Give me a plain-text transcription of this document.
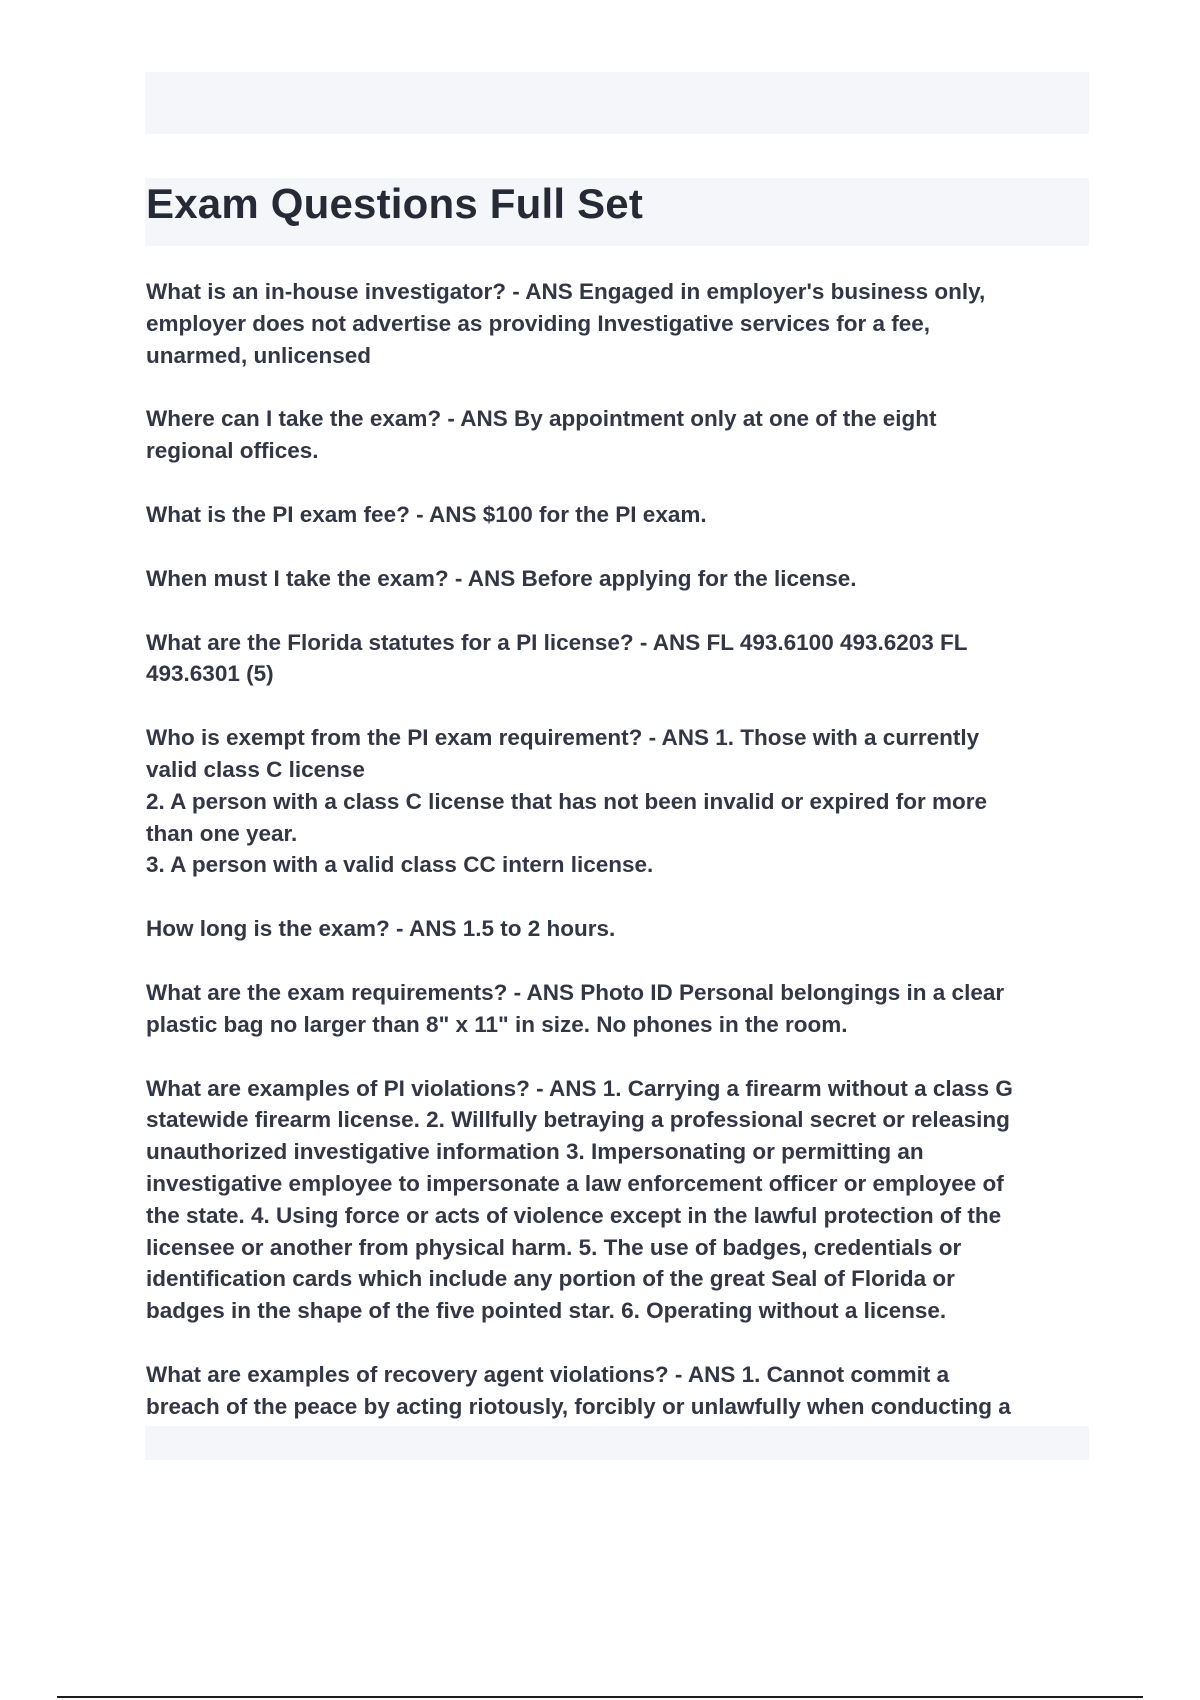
Exam Questions Full Set
What is an in-house investigator? - ANS Engaged in employer's business only,
employer does not advertise as providing Investigative services for a fee,
unarmed, unlicensed
Where can I take the exam? - ANS By appointment only at one of the eight
regional offices.
What is the PI exam fee? - ANS $100 for the PI exam.
When must I take the exam? - ANS Before applying for the license.
What are the Florida statutes for a PI license? - ANS FL 493.6100 493.6203 FL
493.6301 (5)
Who is exempt from the PI exam requirement? - ANS 1. Those with a currently
valid class C license
2. A person with a class C license that has not been invalid or expired for more
than one year.
3. A person with a valid class CC intern license.
How long is the exam? - ANS 1.5 to 2 hours.
What are the exam requirements? - ANS Photo ID Personal belongings in a clear
plastic bag no larger than 8" x 11" in size. No phones in the room.
What are examples of PI violations? - ANS 1. Carrying a firearm without a class G
statewide firearm license. 2. Willfully betraying a professional secret or releasing
unauthorized investigative information 3. Impersonating or permitting an
investigative employee to impersonate a law enforcement officer or employee of
the state. 4. Using force or acts of violence except in the lawful protection of the
licensee or another from physical harm. 5. The use of badges, credentials or
identification cards which include any portion of the great Seal of Florida or
badges in the shape of the five pointed star. 6. Operating without a license.
What are examples of recovery agent violations? - ANS 1. Cannot commit a
breach of the peace by acting riotously, forcibly or unlawfully when conducting a
